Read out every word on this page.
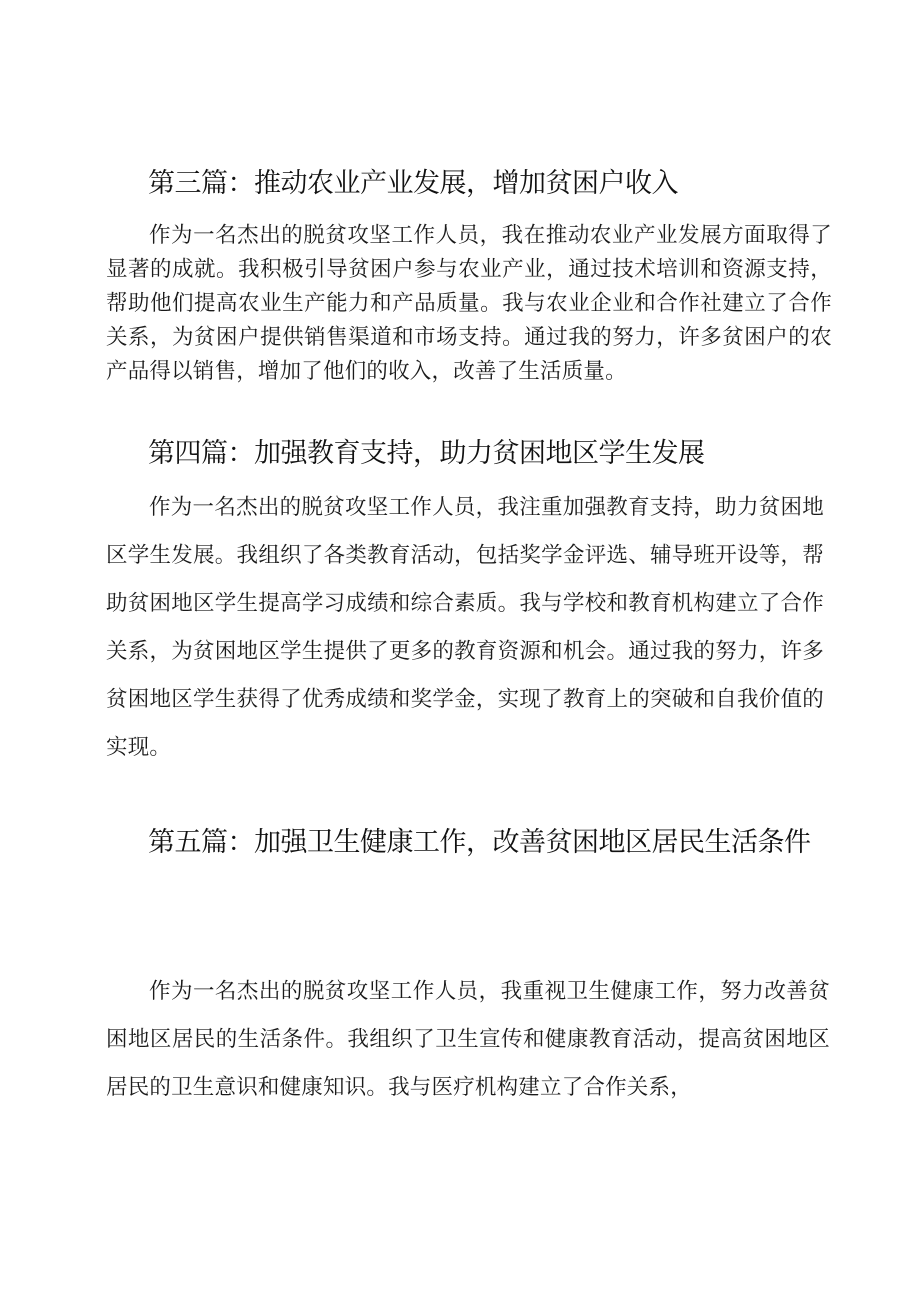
第三篇：推动农业产业发展，增加贫困户收入

作为一名杰出的脱贫攻坚工作人员，我在推动农业产业发展方面取得了显著的成就。我积极引导贫困户参与农业产业，通过技术培训和资源支持，帮助他们提高农业生产能力和产品质量。我与农业企业和合作社建立了合作关系，为贫困户提供销售渠道和市场支持。通过我的努力，许多贫困户的农产品得以销售，增加了他们的收入，改善了生活质量。

第四篇：加强教育支持，助力贫困地区学生发展

作为一名杰出的脱贫攻坚工作人员，我注重加强教育支持，助力贫困地区学生发展。我组织了各类教育活动，包括奖学金评选、辅导班开设等，帮助贫困地区学生提高学习成绩和综合素质。我与学校和教育机构建立了合作关系，为贫困地区学生提供了更多的教育资源和机会。通过我的努力，许多贫困地区学生获得了优秀成绩和奖学金，实现了教育上的突破和自我价值的实现。

第五篇：加强卫生健康工作，改善贫困地区居民生活条件

作为一名杰出的脱贫攻坚工作人员，我重视卫生健康工作，努力改善贫困地区居民的生活条件。我组织了卫生宣传和健康教育活动，提高贫困地区居民的卫生意识和健康知识。我与医疗机构建立了合作关系，
